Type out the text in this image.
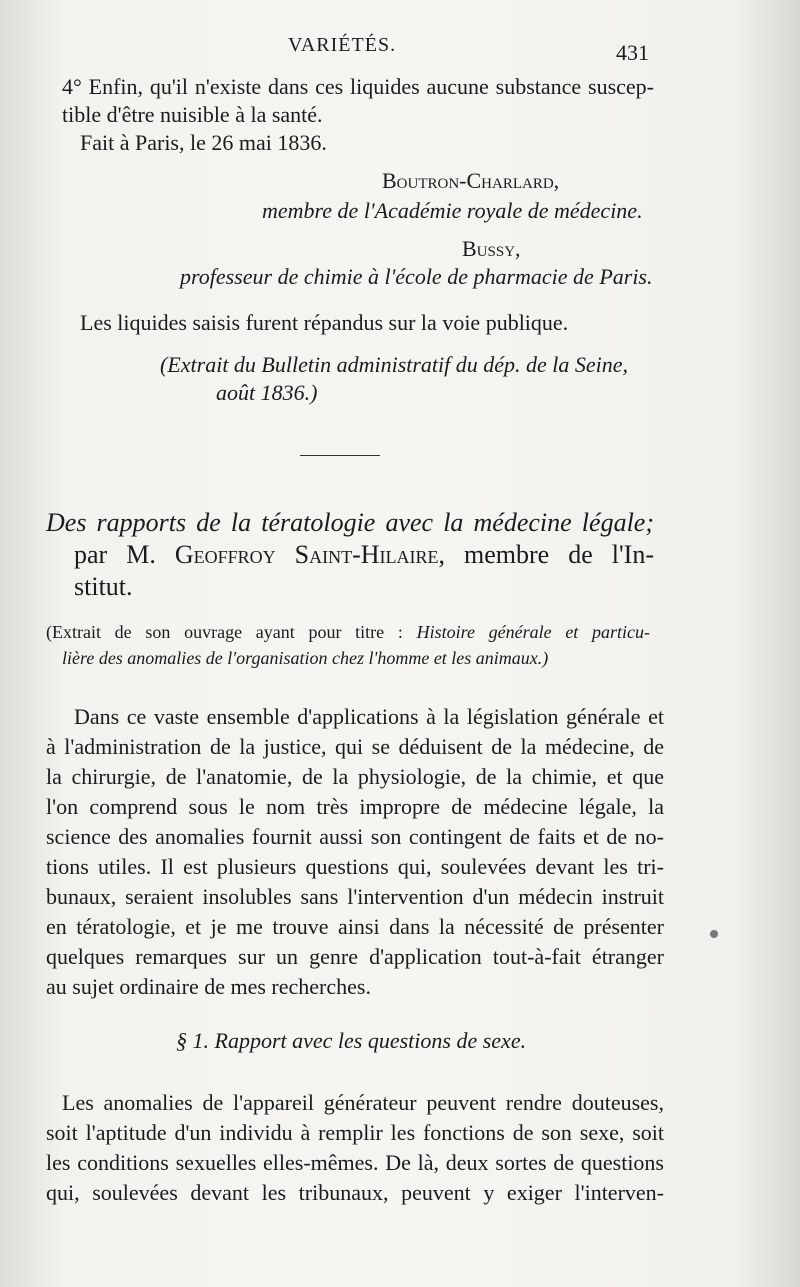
VARIÉTÉS.	431
4° Enfin, qu'il n'existe dans ces liquides aucune substance suscep-
tible d'être nuisible à la santé.
Fait à Paris, le 26 mai 1836.
Boutron-Charlard,
membre de l'Académie royale de médecine.
Bussy,
professeur de chimie à l'école de pharmacie de Paris.
Les liquides saisis furent répandus sur la voie publique.
(Extrait du Bulletin administratif du dép. de la Seine,
août 1836.)
Des rapports de la tératologie avec la médecine légale;
par M. Geoffroy Saint-Hilaire, membre de l'In-
stitut.
(Extrait de son ouvrage ayant pour titre : Histoire générale et particu-
lière des anomalies de l'organisation chez l'homme et les animaux.)
Dans ce vaste ensemble d'applications à la législation générale et
à l'administration de la justice, qui se déduisent de la médecine, de
la chirurgie, de l'anatomie, de la physiologie, de la chimie, et que
l'on comprend sous le nom très impropre de médecine légale, la
science des anomalies fournit aussi son contingent de faits et de no-
tions utiles. Il est plusieurs questions qui, soulevées devant les tri-
bunaux, seraient insolubles sans l'intervention d'un médecin instruit
en tératologie, et je me trouve ainsi dans la nécessité de présenter
quelques remarques sur un genre d'application tout-à-fait étranger
au sujet ordinaire de mes recherches.
§ 1. Rapport avec les questions de sexe.
Les anomalies de l'appareil générateur peuvent rendre douteuses,
soit l'aptitude d'un individu à remplir les fonctions de son sexe, soit
les conditions sexuelles elles-mêmes. De là, deux sortes de questions
qui, soulevées devant les tribunaux, peuvent y exiger l'interven-
